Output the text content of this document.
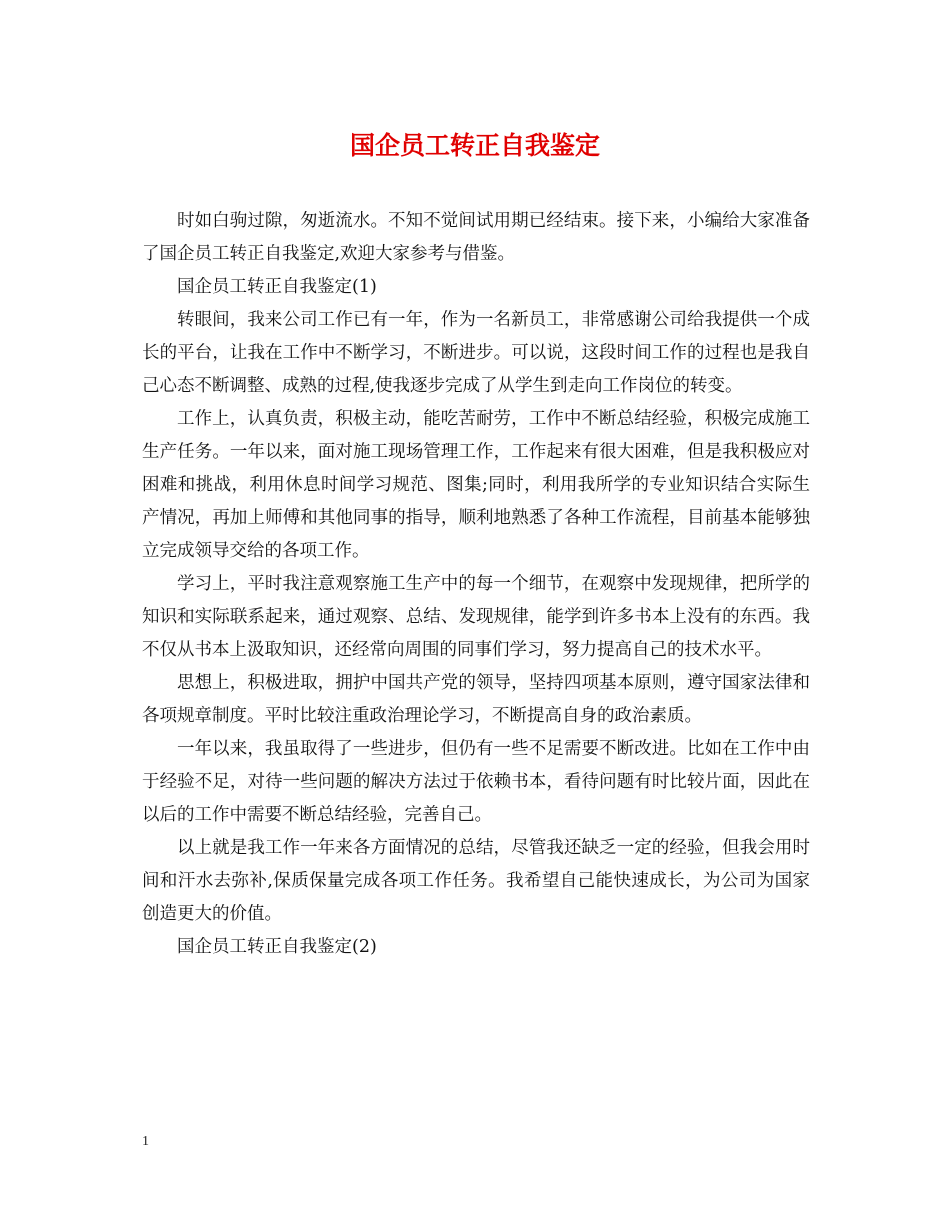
国企员工转正自我鉴定

时如白驹过隙，匆逝流水。不知不觉间试用期已经结束。接下来，小编给大家准备了国企员工转正自我鉴定,欢迎大家参考与借鉴。

国企员工转正自我鉴定(1)

转眼间，我来公司工作已有一年，作为一名新员工，非常感谢公司给我提供一个成长的平台，让我在工作中不断学习，不断进步。可以说，这段时间工作的过程也是我自己心态不断调整、成熟的过程,使我逐步完成了从学生到走向工作岗位的转变。

工作上，认真负责，积极主动，能吃苦耐劳，工作中不断总结经验，积极完成施工生产任务。一年以来，面对施工现场管理工作，工作起来有很大困难，但是我积极应对困难和挑战，利用休息时间学习规范、图集;同时，利用我所学的专业知识结合实际生产情况，再加上师傅和其他同事的指导，顺利地熟悉了各种工作流程，目前基本能够独立完成领导交给的各项工作。

学习上，平时我注意观察施工生产中的每一个细节，在观察中发现规律，把所学的知识和实际联系起来，通过观察、总结、发现规律，能学到许多书本上没有的东西。我不仅从书本上汲取知识，还经常向周围的同事们学习，努力提高自己的技术水平。

思想上，积极进取，拥护中国共产党的领导，坚持四项基本原则，遵守国家法律和各项规章制度。平时比较注重政治理论学习，不断提高自身的政治素质。

一年以来，我虽取得了一些进步，但仍有一些不足需要不断改进。比如在工作中由于经验不足，对待一些问题的解决方法过于依赖书本，看待问题有时比较片面，因此在以后的工作中需要不断总结经验，完善自己。

以上就是我工作一年来各方面情况的总结，尽管我还缺乏一定的经验，但我会用时间和汗水去弥补,保质保量完成各项工作任务。我希望自己能快速成长，为公司为国家创造更大的价值。

国企员工转正自我鉴定(2)

1
